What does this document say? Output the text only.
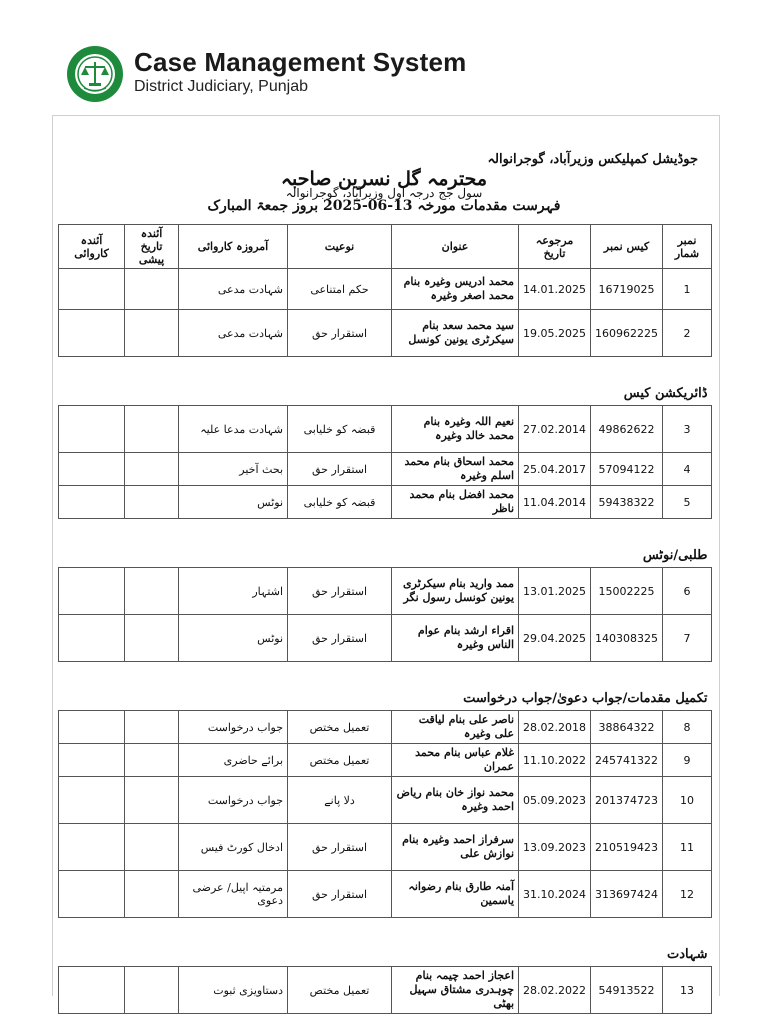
Case Management System
District Judiciary, Punjab
جوڈیشل کمپلیکس وزیرآباد، گوجرانوالہ
محترمہ گل نسرین صاحبہ
سول جج درجہ اول وزیرآباد، گوجرانوالہ
فہرست مقدمات مورخہ 13-06-2025 بروز جمعۃ المبارک
نمبر شمار	کیس نمبر	مرجوعہ تاریخ	عنوان	نوعیت	آمروزہ کاروائی	آئندہ تاریخ پیشی	آئندہ کاروائی
1	16719025	14.01.2025	محمد ادریس وغیرہ بنام محمد اصغر وغیرہ	حکم امتناعی	شہادت مدعی		
2	160962225	19.05.2025	سید محمد سعد بنام سیکرٹری یونین کونسل	استقرار حق	شہادت مدعی		
ڈائریکشن کیس							
3	49862622	27.02.2014	نعیم اللہ وغیرہ بنام محمد خالد وغیرہ	قبضہ کو خلیابی	شہادت مدعا علیہ		
4	57094122	25.04.2017	محمد اسحاق بنام محمد اسلم وغیرہ	استقرار حق	بحث آخیر		
5	59438322	11.04.2014	محمد افضل بنام محمد ناظر	قبضہ کو خلیابی	نوٹس		
طلبی/نوٹس							
6	15002225	13.01.2025	ممد وارید بنام سیکرٹری یونین کونسل رسول نگر	استقرار حق	اشتہار		
7	140308325	29.04.2025	اقراء ارشد بنام عوام الناس وغیرہ	استقرار حق	نوٹس		
تکمیل مقدمات/جواب دعویٰ/جواب درخواست							
8	38864322	28.02.2018	ناصر علی بنام لیاقت علی وغیرہ	تعمیل مختص	جواب درخواست		
9	245741322	11.10.2022	غلام عباس بنام محمد عمران	تعمیل مختص	برائے حاضری		
10	201374723	05.09.2023	محمد نواز خان بنام ریاض احمد وغیرہ	دلا پانے	جواب درخواست		
11	210519423	13.09.2023	سرفراز احمد وغیرہ بنام نوازش علی	استقرار حق	ادخال کورٹ فیس		
12	313697424	31.10.2024	آمنہ طارق بنام رضوانہ یاسمین	استقرار حق	مرمتیہ اپیل/ عرضی دعوی		
شہادت							
13	54913522	28.02.2022	اعجاز احمد چیمہ بنام چوہدری مشتاق سہیل بھٹی	تعمیل مختص	دستاویزی ثبوت		
